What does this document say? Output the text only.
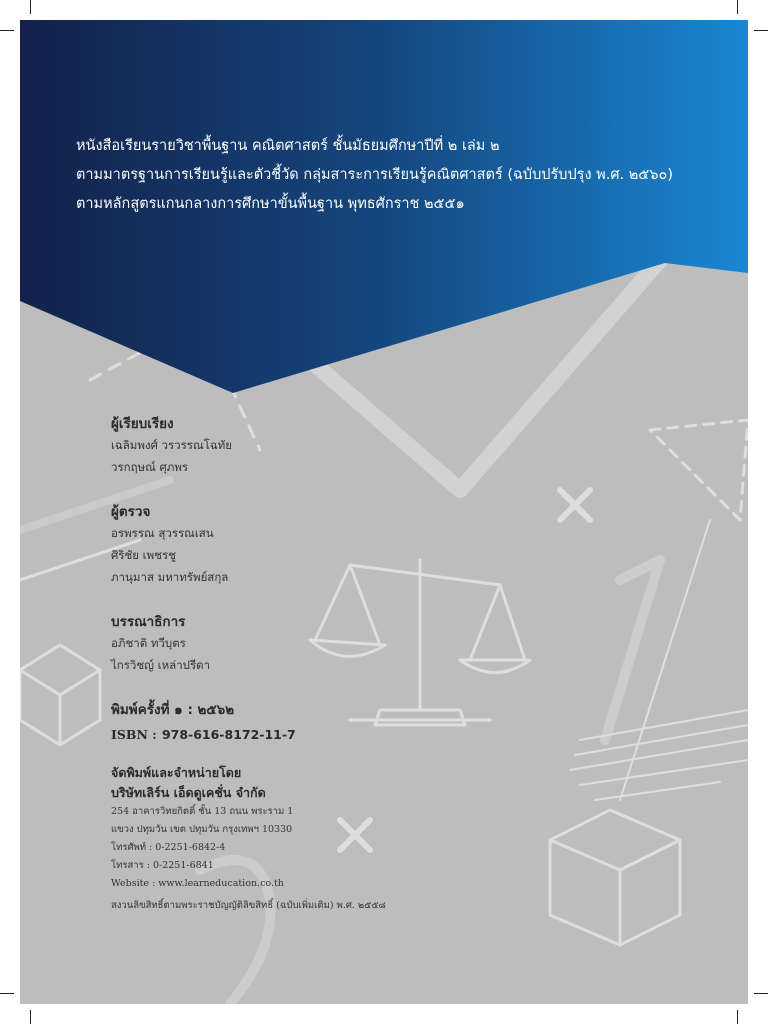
หนังสือเรียนรายวิชาพื้นฐาน คณิตศาสตร์ ชั้นมัธยมศึกษาปีที่ ๒ เล่ม ๒
ตามมาตรฐานการเรียนรู้และตัวชี้วัด กลุ่มสาระการเรียนรู้คณิตศาสตร์ (ฉบับปรับปรุง พ.ศ. ๒๕๖๐)
ตามหลักสูตรแกนกลางการศึกษาขั้นพื้นฐาน พุทธศักราช ๒๕๕๑
ผู้เรียบเรียง
เฉลิมพงศ์ วรวรรณโฉทัย
วรกฤษณ์ ศุภพร
ผู้ตรวจ
อรพรรณ สุวรรณเสน
ศิริชัย เพชรชู
ภานุมาส มหาทรัพย์สกุล
บรรณาธิการ
อภิชาติ ทวีบุตร
ไกรวิชญ์ เหล่าปรีดา
พิมพ์ครั้งที่ ๑ : ๒๕๖๒
ISBN : 978-616-8172-11-7
จัดพิมพ์และจำหน่ายโดย
บริษัทเลิร์น เอ็ดดูเคชั่น จำกัด
254 อาคารวิทยกิตติ์ ชั้น 13 ถนน พระราม 1
แขวง ปทุมวัน เขต ปทุมวัน กรุงเทพฯ 10330
โทรศัพท์ : 0-2251-6842-4
โทรสาร : 0-2251-6841
Website : www.learneducation.co.th
สงวนลิขสิทธิ์ตามพระราชบัญญัติลิขสิทธิ์ (ฉบับเพิ่มเติม) พ.ศ. ๒๕๕๘
